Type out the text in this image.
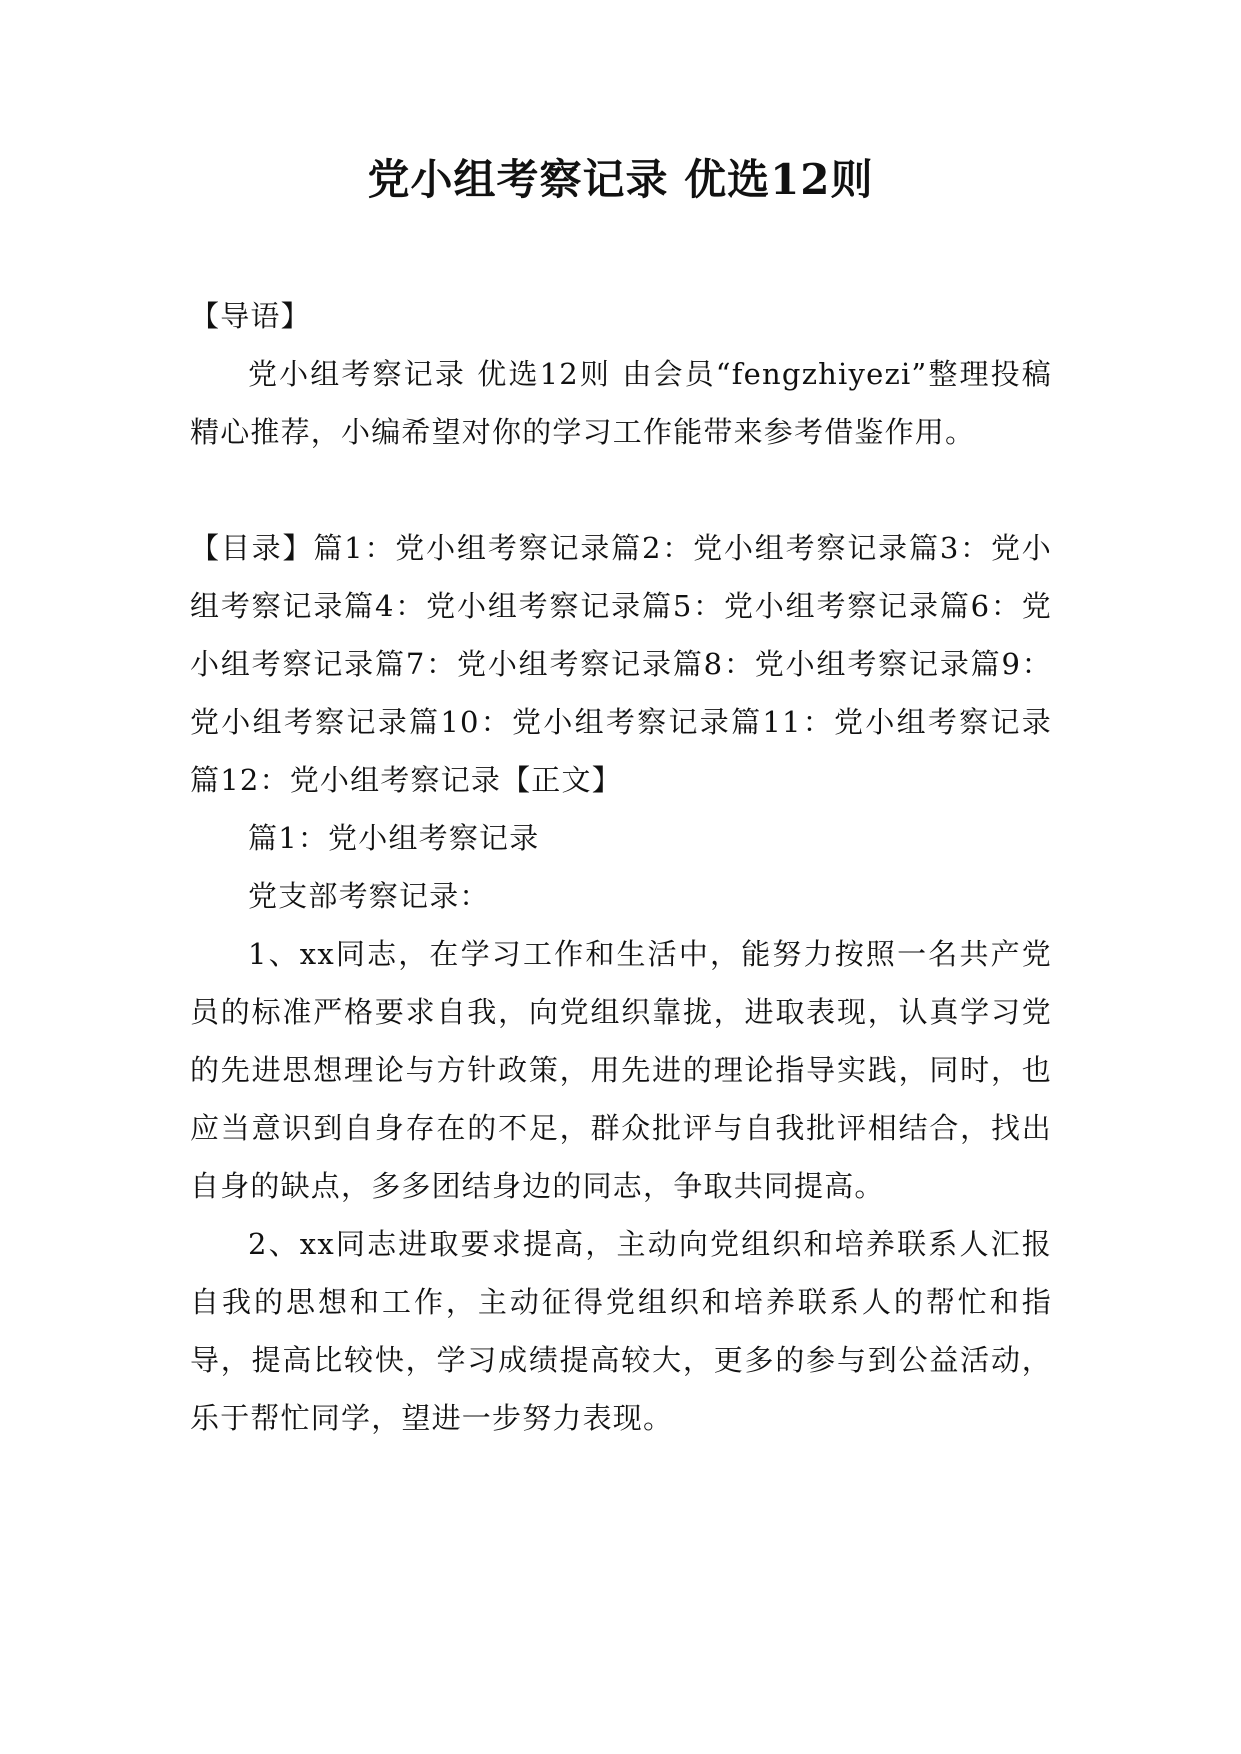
党小组考察记录 优选12则

【导语】

党小组考察记录 优选12则 由会员“fengzhiyezi”整理投稿精心推荐，小编希望对你的学习工作能带来参考借鉴作用。

【目录】篇1：党小组考察记录篇2：党小组考察记录篇3：党小组考察记录篇4：党小组考察记录篇5：党小组考察记录篇6：党小组考察记录篇7：党小组考察记录篇8：党小组考察记录篇9：党小组考察记录篇10：党小组考察记录篇11：党小组考察记录篇12：党小组考察记录【正文】

篇1：党小组考察记录

党支部考察记录：

1、xx同志，在学习工作和生活中，能努力按照一名共产党员的标准严格要求自我，向党组织靠拢，进取表现，认真学习党的先进思想理论与方针政策，用先进的理论指导实践，同时，也应当意识到自身存在的不足，群众批评与自我批评相结合，找出自身的缺点，多多团结身边的同志，争取共同提高。

2、xx同志进取要求提高，主动向党组织和培养联系人汇报自我的思想和工作，主动征得党组织和培养联系人的帮忙和指导，提高比较快，学习成绩提高较大，更多的参与到公益活动，乐于帮忙同学，望进一步努力表现。
